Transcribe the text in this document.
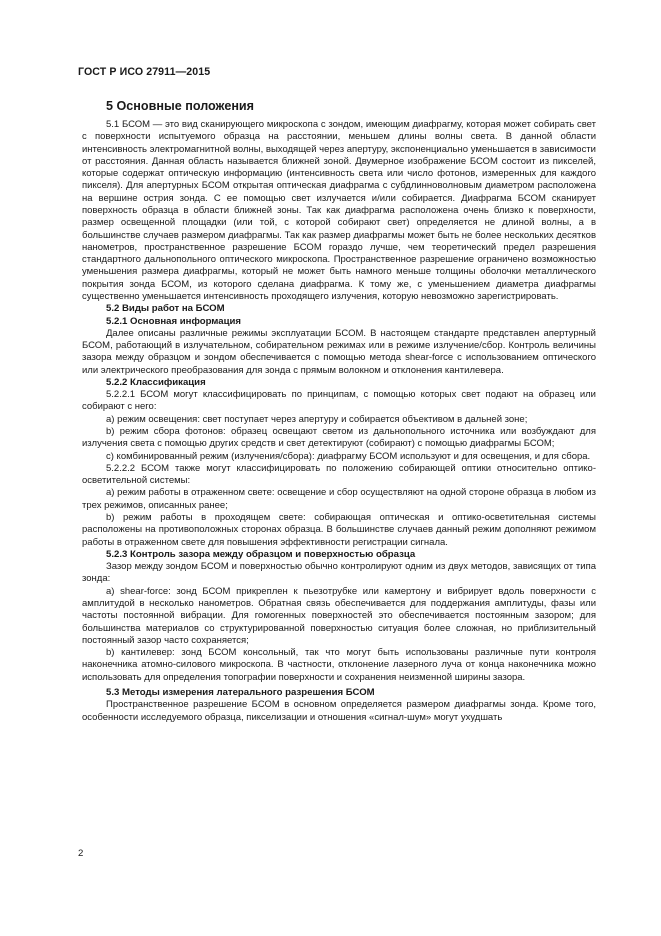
ГОСТ Р ИСО 27911—2015
5 Основные положения

5.1 БСОМ — это вид сканирующего микроскопа с зондом, имеющим диафрагму, которая может собирать свет с поверхности испытуемого образца на расстоянии, меньшем длины волны света. В данной области интенсивность электромагнитной волны, выходящей через апертуру, экспоненциально уменьшается в зависимости от расстояния. Данная область называется ближней зоной. Двумерное изображение БСОМ состоит из пикселей, которые содержат оптическую информацию (интенсивность света или число фотонов, измеренных для каждого пикселя). Для апертурных БСОМ открытая оптическая диафрагма с субдлинноволновым диаметром расположена на вершине острия зонда. С ее помощью свет излучается и/или собирается. Диафрагма БСОМ сканирует поверхность образца в области ближней зоны. Так как диафрагма расположена очень близко к поверхности, размер освещенной площадки (или той, с которой собирают свет) определяется не длиной волны, а в большинстве случаев размером диафрагмы. Так как размер диафрагмы может быть не более нескольких десятков нанометров, пространственное разрешение БСОМ гораздо лучше, чем теоретический предел разрешения стандартного дальнопольного оптического микроскопа. Пространственное разрешение ограничено возможностью уменьшения размера диафрагмы, который не может быть намного меньше толщины оболочки металлического покрытия зонда БСОМ, из которого сделана диафрагма. К тому же, с уменьшением диаметра диафрагмы существенно уменьшается интенсивность проходящего излучения, которую невозможно зарегистрировать.

5.2 Виды работ на БСОМ
5.2.1 Основная информация

Далее описаны различные режимы эксплуатации БСОМ. В настоящем стандарте представлен апертурный БСОМ, работающий в излучательном, собирательном режимах или в режиме излучение/сбор. Контроль величины зазора между образцом и зондом обеспечивается с помощью метода shear-force с использованием оптического или электрического преобразования для зонда с прямым волокном и отклонения кантилевера.

5.2.2 Классификация

5.2.2.1 БСОМ могут классифицировать по принципам, с помощью которых свет подают на образец или собирают с него:

а) режим освещения: свет поступает через апертуру и собирается объективом в дальней зоне;

b) режим сбора фотонов: образец освещают светом из дальнопольного источника или возбуждают для излучения света с помощью других средств и свет детектируют (собирают) с помощью диафрагмы БСОМ;

c) комбинированный режим (излучения/сбора): диафрагму БСОМ используют и для освещения, и для сбора.

5.2.2.2 БСОМ также могут классифицировать по положению собирающей оптики относительно оптико-осветительной системы:

а) режим работы в отраженном свете: освещение и сбор осуществляют на одной стороне образца в любом из трех режимов, описанных ранее;

b) режим работы в проходящем свете: собирающая оптическая и оптико-осветительная системы расположены на противоположных сторонах образца. В большинстве случаев данный режим дополняют режимом работы в отраженном свете для повышения эффективности регистрации сигнала.

5.2.3 Контроль зазора между образцом и поверхностью образца

Зазор между зондом БСОМ и поверхностью обычно контролируют одним из двух методов, зависящих от типа зонда:

а) shear-force: зонд БСОМ прикреплен к пьезотрубке или камертону и вибрирует вдоль поверхности с амплитудой в несколько нанометров. Обратная связь обеспечивается для поддержания амплитуды, фазы или частоты постоянной вибрации. Для гомогенных поверхностей это обеспечивается постоянным зазором; для большинства материалов со структурированной поверхностью ситуация более сложная, но приблизительный постоянный зазор часто сохраняется;

b) кантилевер: зонд БСОМ консольный, так что могут быть использованы различные пути контроля наконечника атомно-силового микроскопа. В частности, отклонение лазерного луча от конца наконечника можно использовать для определения топографии поверхности и сохранения неизменной ширины зазора.

5.3 Методы измерения латерального разрешения БСОМ

Пространственное разрешение БСОМ в основном определяется размером диафрагмы зонда. Кроме того, особенности исследуемого образца, пикселизации и отношения «сигнал-шум» могут ухудшать

2
